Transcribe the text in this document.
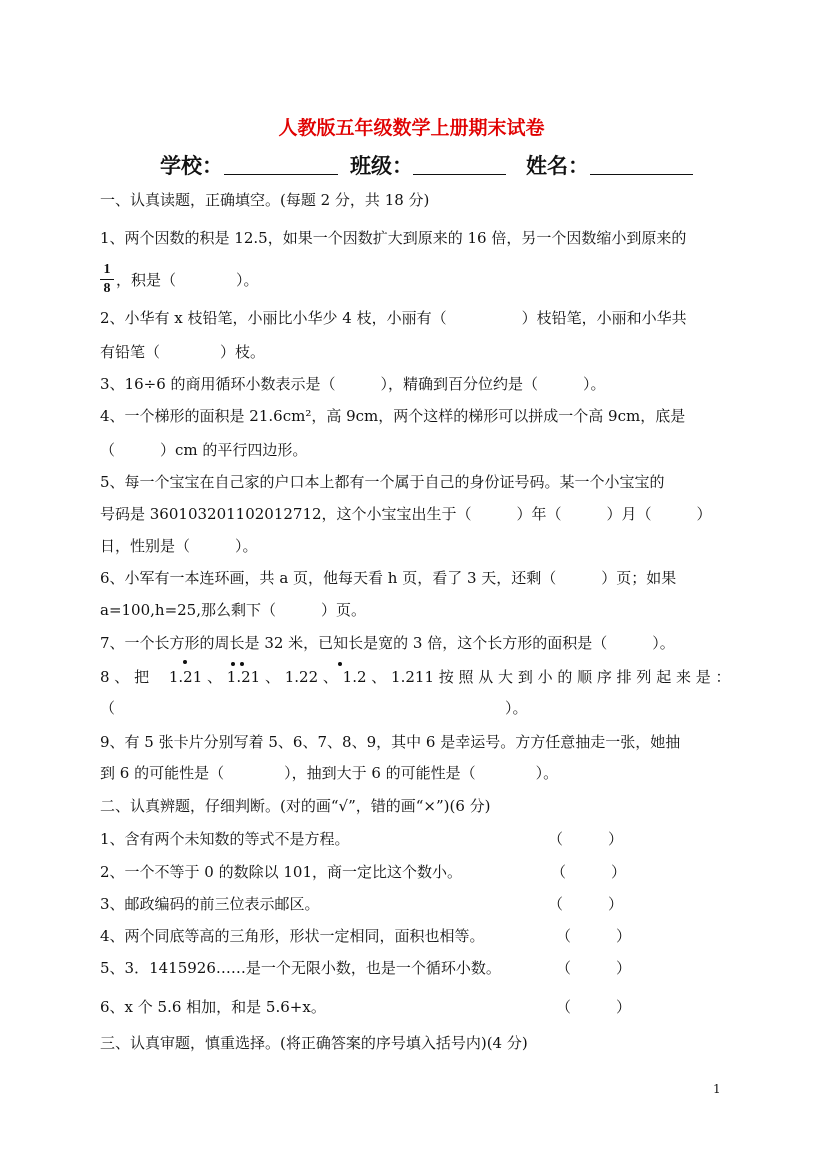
人教版五年级数学上册期末试卷
学校：	班级：	姓名：
一、认真读题，正确填空。(每题 2 分，共 18 分)
1、两个因数的积是 12.5，如果一个因数扩大到原来的 16 倍，另一个因数缩小到原来的
1
8 ，积是（　　　　）。
2、小华有 x 枝铅笔，小丽比小华少 4 枝，小丽有（　　　　　）枝铅笔，小丽和小华共
有铅笔（　　　　）枝。
3、16÷6 的商用循环小数表示是（　　　），精确到百分位约是（　　　）。
4、一个梯形的面积是 21.6cm²，高 9cm，两个这样的梯形可以拼成一个高 9cm，底是
（　　　）cm 的平行四边形。
5、每一个宝宝在自己家的户口本上都有一个属于自己的身份证号码。某一个小宝宝的
号码是 360103201102012712，这个小宝宝出生于（　　　）年（　　　）月（　　　）
日，性别是（　　　）。
6、小军有一本连环画，共 a 页，他每天看 h 页，看了 3 天，还剩（　　　）页；如果
a=100,h=25,那么剩下（　　　）页。
7、一个长方形的周长是 32 米，已知长是宽的 3 倍，这个长方形的面积是（　　　）。
8 、 把 　1.21 、 1.21 、 1.22 、 1.2 、 1.211 按 照 从 大 到 小 的 顺 序 排 列 起 来 是 ：
（　　　　　　　　　　　　　　　　　　　　　　　　　　）。
9、有 5 张卡片分别写着 5、6、7、8、9，其中 6 是幸运号。方方任意抽走一张，她抽
到 6 的可能性是（　　　　），抽到大于 6 的可能性是（　　　　）。
二、认真辨题，仔细判断。(对的画“√”，错的画“×”)(6 分)
1、含有两个未知数的等式不是方程。	（　　　）
2、一个不等于 0 的数除以 101，商一定比这个数小。	（　　　）
3、邮政编码的前三位表示邮区。	（　　　）
4、两个同底等高的三角形，形状一定相同，面积也相等。	（　　　）
5、3．1415926……是一个无限小数，也是一个循环小数。	（　　　）
6、x 个 5.6 相加，和是 5.6+x。	（　　　）
三、认真审题，慎重选择。(将正确答案的序号填入括号内)(4 分)
1
